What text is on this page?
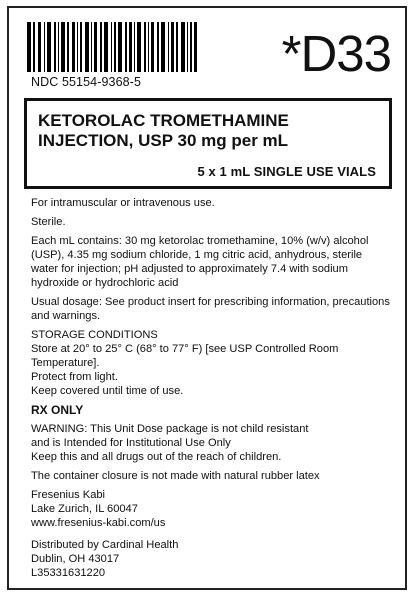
NDC 55154-9368-5	*D33
KETOROLAC TROMETHAMINE
INJECTION, USP 30 mg per mL
5 x 1 mL SINGLE USE VIALS

For intramuscular or intravenous use.

Sterile.

Each mL contains: 30 mg ketorolac tromethamine, 10% (w/v) alcohol (USP), 4.35 mg sodium chloride, 1 mg citric acid, anhydrous, sterile water for injection; pH adjusted to approximately 7.4 with sodium hydroxide or hydrochloric acid

Usual dosage: See product insert for prescribing information, precautions and warnings.

STORAGE CONDITIONS

Store at 20° to 25° C (68° to 77° F) [see USP Controlled Room Temperature].

Protect from light.

Keep covered until time of use.

RX ONLY

WARNING: This Unit Dose package is not child resistant

and is Intended for Institutional Use Only

Keep this and all drugs out of the reach of children.

The container closure is not made with natural rubber latex

Fresenius Kabi

Lake Zurich, IL 60047

www.fresenius-kabi.com/us

Distributed by Cardinal Health

Dublin, OH 43017

L35331631220
